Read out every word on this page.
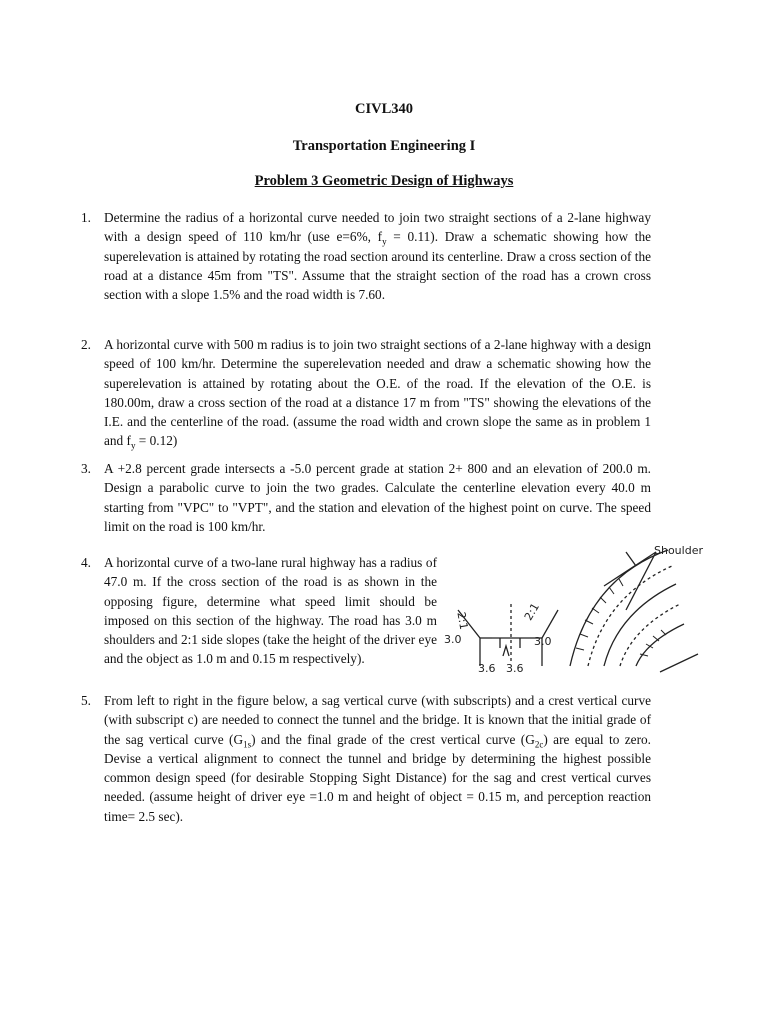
CIVL340
Transportation Engineering I
Problem 3 Geometric Design of Highways
1. Determine the radius of a horizontal curve needed to join two straight sections of a 2-lane highway with a design speed of 110 km/hr (use e=6%, $f_y = 0.11$). Draw a schematic showing how the superelevation is attained by rotating the road section around its centerline. Draw a cross section of the road at a distance 45m from "TS". Assume that the straight section of the road has a crown cross section with a slope 1.5% and the road width is 7.60.
2. A horizontal curve with 500 m radius is to join two straight sections of a 2-lane highway with a design speed of 100 km/hr. Determine the superelevation needed and draw a schematic showing how the superelevation is attained by rotating about the O.E. of the road. If the elevation of the O.E. is 180.00m, draw a cross section of the road at a distance 17 m from "TS" showing the elevations of the I.E. and the centerline of the road. (assume the road width and crown slope the same as in problem 1 and $f_y = 0.12$)
3. A +2.8 percent grade intersects a -5.0 percent grade at station 2+ 800 and an elevation of 200.0 m. Design a parabolic curve to join the two grades. Calculate the centerline elevation every 40.0 m starting from "VPC" to "VPT", and the station and elevation of the highest point on curve. The speed limit on the road is 100 km/hr.
4. A horizontal curve of a two-lane rural highway has a radius of 47.0 m. If the cross section of the road is as shown in the opposing figure, determine what speed limit should be imposed on this section of the highway. The road has 3.0 m shoulders and 2:1 side slopes (take the height of the driver eye and the object as 1.0 m and 0.15 m respectively).
2:1	2:1
3.0	3.0
3.6 3.6
Shoulder
5. From left to right in the figure below, a sag vertical curve (with subscripts) and a crest vertical curve (with subscript c) are needed to connect the tunnel and the bridge. It is known that the initial grade of the sag vertical curve $(G_{1s})$ and the final grade of the crest vertical curve $(G_{2c})$ are equal to zero. Devise a vertical alignment to connect the tunnel and bridge by determining the highest possible common design speed (for desirable Stopping Sight Distance) for the sag and crest vertical curves needed. (assume height of driver eye =1.0 m and height of object = 0.15 m, and perception reaction time= 2.5 sec).
